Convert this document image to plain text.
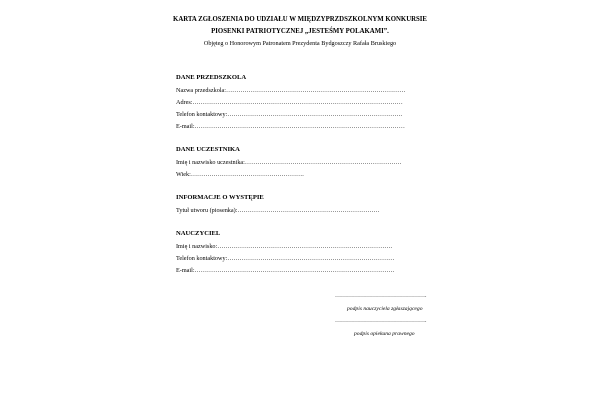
KARTA ZGŁOSZENIA DO UDZIAŁU W MIĘDZYPRZDSZKOLNYM KONKURSIE
PIOSENKI PATRIOTYCZNEJ „JESTEŚMY POLAKAMI”.
Objęteg o Honorowym Patronatem Prezydenta Bydgoszczy Rafała Bruskiego
DANE PRZEDSZKOLA
Nazwa przedszkola:……………………………………………………………………………
Adres:…………………………………………………………………………………………
Telefon kontaktowy:………………………………………………………………………….
E-mail:…………………………………………………………………………………………
DANE UCZESTNIKA
Imię i nazwisko uczestnika:………………………………………………………………….
Wiek:……………………………………………….
INFORMACJE O WYSTĘPIE
Tytuł utworu (piosenka):……………………………………………………………
NAUCZYCIEL
Imię i nazwisko:………………………………………………………………………….
Telefon kontaktowy:………………………………………………………………………
E-mail:…………………………………………………………………………………….
……………………………………….
podpis nauczyciela zgłaszającego
……………………………………….
podpis opiekuna prawnego
